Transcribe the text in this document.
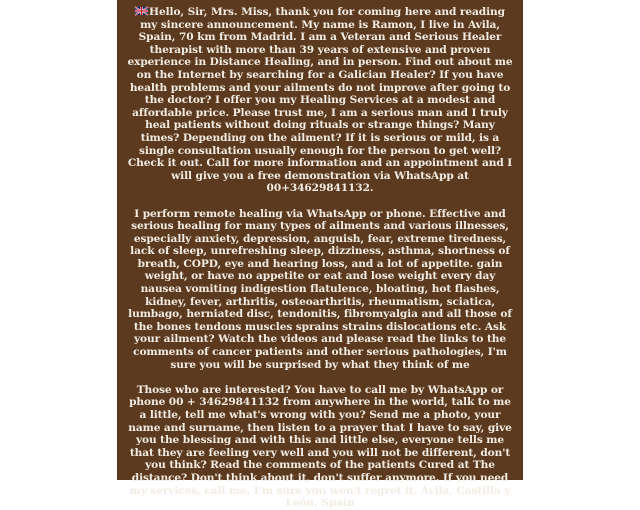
Hello, Sir, Mrs. Miss, thank you for coming here and reading my sincere announcement. My name is Ramon, I live in Avila, Spain, 70 km from Madrid. I am a Veteran and Serious Healer therapist with more than 39 years of extensive and proven experience in Distance Healing, and in person. Find out about me on the Internet by searching for a Galician Healer? If you have health problems and your ailments do not improve after going to the doctor? I offer you my Healing Services at a modest and affordable price. Please trust me, I am a serious man and I truly heal patients without doing rituals or strange things? Many times? Depending on the ailment? If it is serious or mild, is a single consultation usually enough for the person to get well? Check it out. Call for more information and an appointment and I will give you a free demonstration via WhatsApp at 00+34629841132.

I perform remote healing via WhatsApp or phone. Effective and serious healing for many types of ailments and various illnesses, especially anxiety, depression, anguish, fear, extreme tiredness, lack of sleep, unrefreshing sleep, dizziness, asthma, shortness of breath, COPD, eye and hearing loss, and a lot of appetite. gain weight, or have no appetite or eat and lose weight every day nausea vomiting indigestion flatulence, bloating, hot flashes, kidney, fever, arthritis, osteoarthritis, rheumatism, sciatica, lumbago, herniated disc, tendonitis, fibromyalgia and all those of the bones tendons muscles sprains strains dislocations etc. Ask your ailment? Watch the videos and please read the links to the comments of cancer patients and other serious pathologies, I'm sure you will be surprised by what they think of me

Those who are interested? You have to call me by WhatsApp or phone 00 + 34629841132 from anywhere in the world, talk to me a little, tell me what's wrong with you? Send me a photo, your name and surname, then listen to a prayer that I have to say, give you the blessing and with this and little else, everyone tells me that they are feeling very well and you will not be different, don't you think? Read the comments of the patients Cured at The distance? Don't think about it, don't suffer anymore. If you need my services, call me, I'm sure you won't regret it. Ávila, Castilla y León, Spain
